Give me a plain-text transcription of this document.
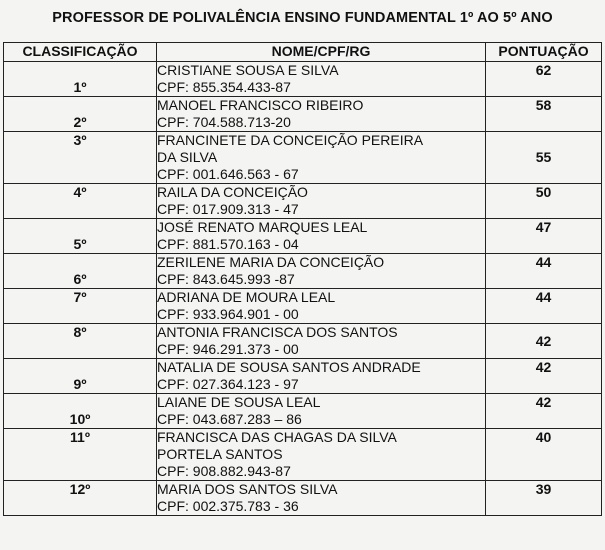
PROFESSOR DE POLIVALÊNCIA ENSINO FUNDAMENTAL 1º AO 5º ANO
CLASSIFICAÇÃO	NOME/CPF/RG	PONTUAÇÃO
1º	CRISTIANE SOUSA E SILVA
CPF: 855.354.433-87	62
2º	MANOEL FRANCISCO RIBEIRO
CPF: 704.588.713-20	58
3º	FRANCINETE DA CONCEIÇÃO PEREIRA
DA SILVA
CPF: 001.646.563 - 67	55
4º	RAILA DA CONCEIÇÃO
CPF: 017.909.313 - 47	50
5º	JOSÉ RENATO MARQUES LEAL
CPF: 881.570.163 - 04	47
6º	ZERILENE MARIA DA CONCEIÇÃO
CPF: 843.645.993 -87	44
7º	ADRIANA DE MOURA LEAL
CPF: 933.964.901 - 00	44
8º	ANTONIA FRANCISCA DOS SANTOS
CPF: 946.291.373 - 00	42
9º	NATALIA DE SOUSA SANTOS ANDRADE
CPF: 027.364.123 - 97	42
10º	LAIANE DE SOUSA LEAL
CPF: 043.687.283 – 86	42
11º	FRANCISCA DAS CHAGAS DA SILVA
PORTELA SANTOS
CPF: 908.882.943-87	40
12º	MARIA DOS SANTOS SILVA
CPF: 002.375.783 - 36	39
